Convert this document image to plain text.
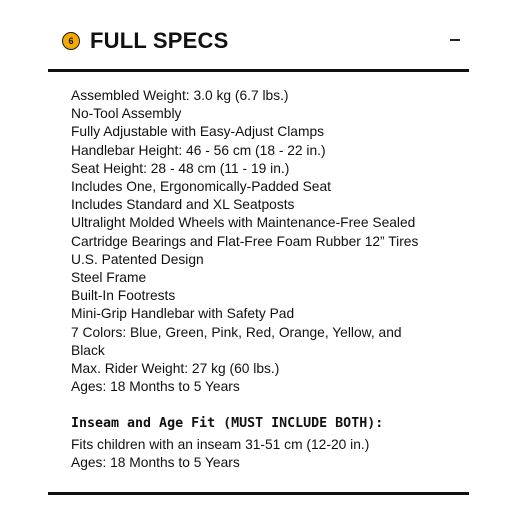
6 FULL SPECS
Assembled Weight: 3.0 kg (6.7 lbs.)
No-Tool Assembly
Fully Adjustable with Easy-Adjust Clamps
Handlebar Height: 46 - 56 cm (18 - 22 in.)
Seat Height: 28 - 48 cm (11 - 19 in.)
Includes One, Ergonomically-Padded Seat
Includes Standard and XL Seatposts
Ultralight Molded Wheels with Maintenance-Free Sealed
Cartridge Bearings and Flat-Free Foam Rubber 12” Tires
U.S. Patented Design
Steel Frame
Built-In Footrests
Mini-Grip Handlebar with Safety Pad
7 Colors: Blue, Green, Pink, Red, Orange, Yellow, and
Black
Max. Rider Weight: 27 kg (60 lbs.)
Ages: 18 Months to 5 Years
Inseam and Age Fit (MUST INCLUDE BOTH):
Fits children with an inseam 31-51 cm (12-20 in.)
Ages: 18 Months to 5 Years
